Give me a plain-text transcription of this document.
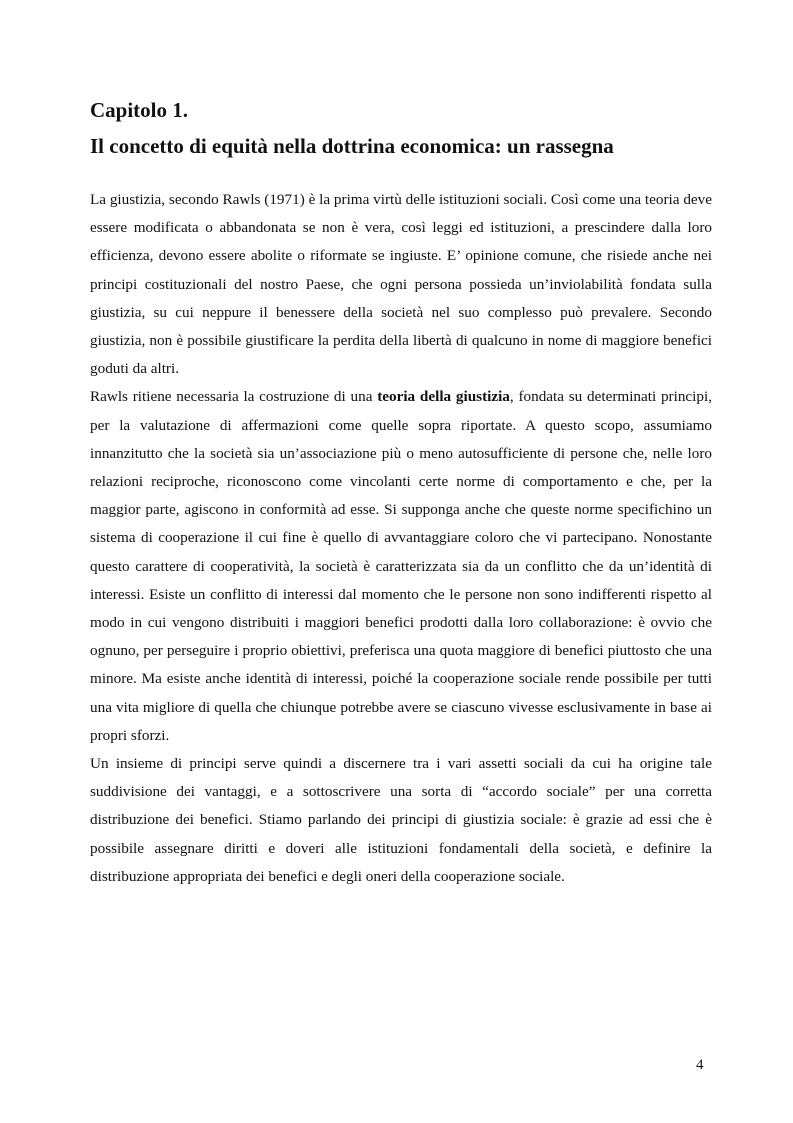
Capitolo 1.
Il concetto di equità nella dottrina economica: un rassegna

La giustizia, secondo Rawls (1971) è la prima virtù delle istituzioni sociali. Così come una teoria deve essere modificata o abbandonata se non è vera, così leggi ed istituzioni, a prescindere dalla loro efficienza, devono essere abolite o riformate se ingiuste. E’ opinione comune, che risiede anche nei principi costituzionali del nostro Paese, che ogni persona possieda un’inviolabilità fondata sulla giustizia, su cui neppure il benessere della società nel suo complesso può prevalere. Secondo giustizia, non è possibile giustificare la perdita della libertà di qualcuno in nome di maggiore benefici goduti da altri.

Rawls ritiene necessaria la costruzione di una teoria della giustizia, fondata su determinati principi, per la valutazione di affermazioni come quelle sopra riportate. A questo scopo, assumiamo innanzitutto che la società sia un’associazione più o meno autosufficiente di persone che, nelle loro relazioni reciproche, riconoscono come vincolanti certe norme di comportamento e che, per la maggior parte, agiscono in conformità ad esse. Si supponga anche che queste norme specifichino un sistema di cooperazione il cui fine è quello di avvantaggiare coloro che vi partecipano. Nonostante questo carattere di cooperatività, la società è caratterizzata sia da un conflitto che da un’identità di interessi. Esiste un conflitto di interessi dal momento che le persone non sono indifferenti rispetto al modo in cui vengono distribuiti i maggiori benefici prodotti dalla loro collaborazione: è ovvio che ognuno, per perseguire i proprio obiettivi, preferisca una quota maggiore di benefici piuttosto che una minore. Ma esiste anche identità di interessi, poiché la cooperazione sociale rende possibile per tutti una vita migliore di quella che chiunque potrebbe avere se ciascuno vivesse esclusivamente in base ai propri sforzi.

Un insieme di principi serve quindi a discernere tra i vari assetti sociali da cui ha origine tale suddivisione dei vantaggi, e a sottoscrivere una sorta di “accordo sociale” per una corretta distribuzione dei benefici. Stiamo parlando dei principi di giustizia sociale: è grazie ad essi che è possibile assegnare diritti e doveri alle istituzioni fondamentali della società, e definire la distribuzione appropriata dei benefici e degli oneri della cooperazione sociale.

4
